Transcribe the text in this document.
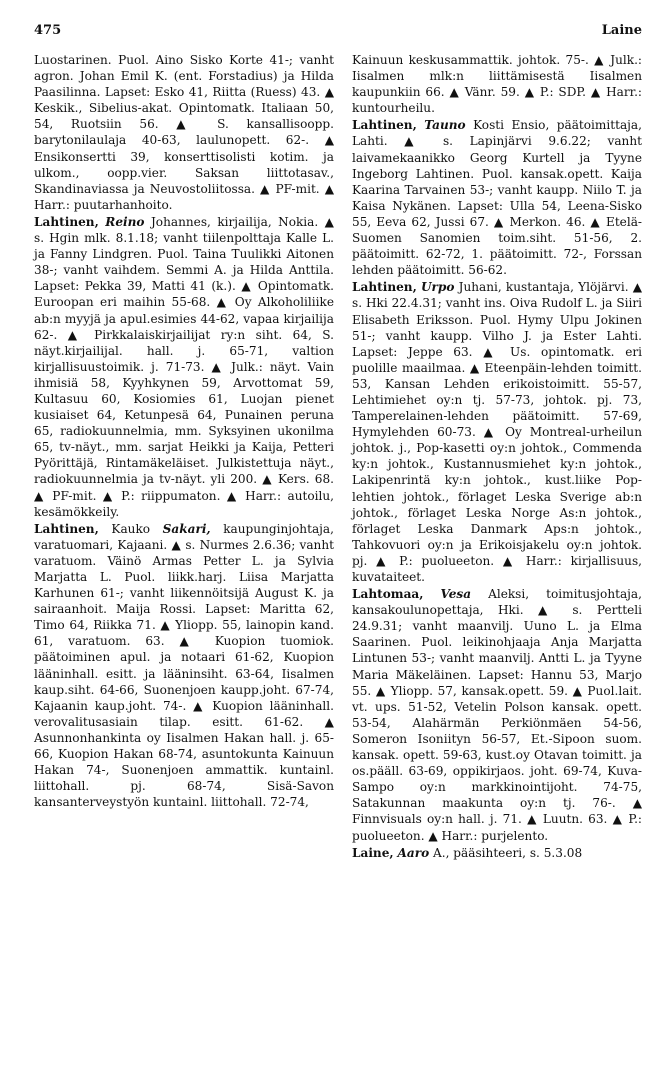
475	Laine

Luostarinen. Puol. Aino Sisko Korte 41-; vanht agron. Johan Emil K. (ent. Forstadius) ja Hilda Paasilinna. Lapset: Esko 41, Riitta (Ruess) 43. ▲ Keskik., Sibelius-akat. Opintomatk. Italiaan 50, 54, Ruotsiin 56. ▲ S. kansallisoopp. barytonilaulaja 40-63, laulunopett. 62-. ▲ Ensikonsertti 39, konserttisolisti kotim. ja ulkom., oopp.vier. Saksan liittotasav., Skandinaviassa ja Neuvostoliitossa. ▲ PF-mit. ▲ Harr.: puutarhanhoito.

Lahtinen, Reino Johannes, kirjailija, Nokia. ▲ s. Hgin mlk. 8.1.18; vanht tiilenpolttaja Kalle L. ja Fanny Lindgren. Puol. Taina Tuulikki Aitonen 38-; vanht vaihdem. Semmi A. ja Hilda Anttila. Lapset: Pekka 39, Matti 41 (k.). ▲ Opintomatk. Euroopan eri maihin 55-68. ▲ Oy Alkoholiliike ab:n myyjä ja apul.esimies 44-62, vapaa kirjailija 62-. ▲ Pirkkalaiskirjailijat ry:n siht. 64, S. näyt.kirjailijal. hall. j. 65-71, valtion kirjallisuustoimik. j. 71-73. ▲ Julk.: näyt. Vain ihmisiä 58, Kyyhkynen 59, Arvottomat 59, Kultasuu 60, Kosiomies 61, Luojan pienet kusiaiset 64, Ketunpesä 64, Punainen peruna 65, radiokuunnelmia, mm. Syksyinen ukonilma 65, tv-näyt., mm. sarjat Heikki ja Kaija, Petteri Pyörittäjä, Rintamäkeläiset. Julkistettuja näyt., radiokuunnelmia ja tv-näyt. yli 200. ▲ Kers. 68. ▲ PF-mit. ▲ P.: riippumaton. ▲ Harr.: autoilu, kesämökkeily.

Lahtinen, Kauko Sakari, kaupunginjohtaja, varatuomari, Kajaani. ▲ s. Nurmes 2.6.36; vanht varatuom. Väinö Armas Petter L. ja Sylvia Marjatta L. Puol. liikk.harj. Liisa Marjatta Karhunen 61-; vanht liikennöitsijä August K. ja sairaanhoit. Maija Rossi. Lapset: Maritta 62, Timo 64, Riikka 71. ▲ Yliopp. 55, lainopin kand. 61, varatuom. 63. ▲ Kuopion tuomiok. päätoiminen apul. ja notaari 61-62, Kuopion lääninhall. esitt. ja lääninsiht. 63-64, Iisalmen kaup.siht. 64-66, Suonenjoen kaupp.joht. 67-74, Kajaanin kaup.joht. 74-. ▲ Kuopion lääninhall. verovalitusasiain tilap. esitt. 61-62. ▲ Asunnonhankinta oy Iisalmen Hakan hall. j. 65-66, Kuopion Hakan 68-74, asuntokunta Kainuun Hakan 74-, Suonenjoen ammattik. kuntainl. liittohall. pj. 68-74, Sisä-Savon kansanterveystyön kuntainl. liittohall. 72-74,

Kainuun keskusammattik. johtok. 75-. ▲ Julk.: Iisalmen mlk:n liittämisestä Iisalmen kaupunkiin 66. ▲ Vänr. 59. ▲ P.: SDP. ▲ Harr.: kuntourheilu.

Lahtinen, Tauno Kosti Ensio, päätoimittaja, Lahti. ▲ s. Lapinjärvi 9.6.22; vanht laivamekaanikko Georg Kurtell ja Tyyne Ingeborg Lahtinen. Puol. kansak.opett. Kaija Kaarina Tarvainen 53-; vanht kaupp. Niilo T. ja Kaisa Nykänen. Lapset: Ulla 54, Leena-Sisko 55, Eeva 62, Jussi 67. ▲ Merkon. 46. ▲ Etelä-Suomen Sanomien toim.siht. 51-56, 2. päätoimitt. 62-72, 1. päätoimitt. 72-, Forssan lehden päätoimitt. 56-62.

Lahtinen, Urpo Juhani, kustantaja, Ylöjärvi. ▲ s. Hki 22.4.31; vanht ins. Oiva Rudolf L. ja Siiri Elisabeth Eriksson. Puol. Hymy Ulpu Jokinen 51-; vanht kaupp. Vilho J. ja Ester Lahti. Lapset: Jeppe 63. ▲ Us. opintomatk. eri puolille maailmaa. ▲ Eteenpäin-lehden toimitt. 53, Kansan Lehden erikoistoimitt. 55-57, Lehtimiehet oy:n tj. 57-73, johtok. pj. 73, Tamperelainen-lehden päätoimitt. 57-69, Hymylehden 60-73. ▲ Oy Montreal-urheilun johtok. j., Pop-kasetti oy:n johtok., Commenda ky:n johtok., Kustannusmiehet ky:n johtok., Lakipenrintä ky:n johtok., kust.liike Pop-lehtien johtok., förlaget Leska Sverige ab:n johtok., förlaget Leska Norge As:n johtok., förlaget Leska Danmark Aps:n johtok., Tahkovuori oy:n ja Erikoisjakelu oy:n johtok. pj. ▲ P.: puolueeton. ▲ Harr.: kirjallisuus, kuvataiteet.

Lahtomaa, Vesa Aleksi, toimitusjohtaja, kansakoulunopettaja, Hki. ▲ s. Pertteli 24.9.31; vanht maanvilj. Uuno L. ja Elma Saarinen. Puol. leikinohjaaja Anja Marjatta Lintunen 53-; vanht maanvilj. Antti L. ja Tyyne Maria Mäkeläinen. Lapset: Hannu 53, Marjo 55. ▲ Yliopp. 57, kansak.opett. 59. ▲ Puol.lait. vt. ups. 51-52, Vetelin Polson kansak. opett. 53-54, Alahärmän Perkiönmäen 54-56, Someron Isoniityn 56-57, Et.-Sipoon suom. kansak. opett. 59-63, kust.oy Otavan toimitt. ja os.pääll. 63-69, oppikirjaos. joht. 69-74, Kuva-Sampo oy:n markkinointijoht. 74-75, Satakunnan maakunta oy:n tj. 76-. ▲ Finnvisuals oy:n hall. j. 71. ▲ Luutn. 63. ▲ P.: puolueeton. ▲ Harr.: purjelento.

Laine, Aaro A., pääsihteeri, s. 5.3.08
